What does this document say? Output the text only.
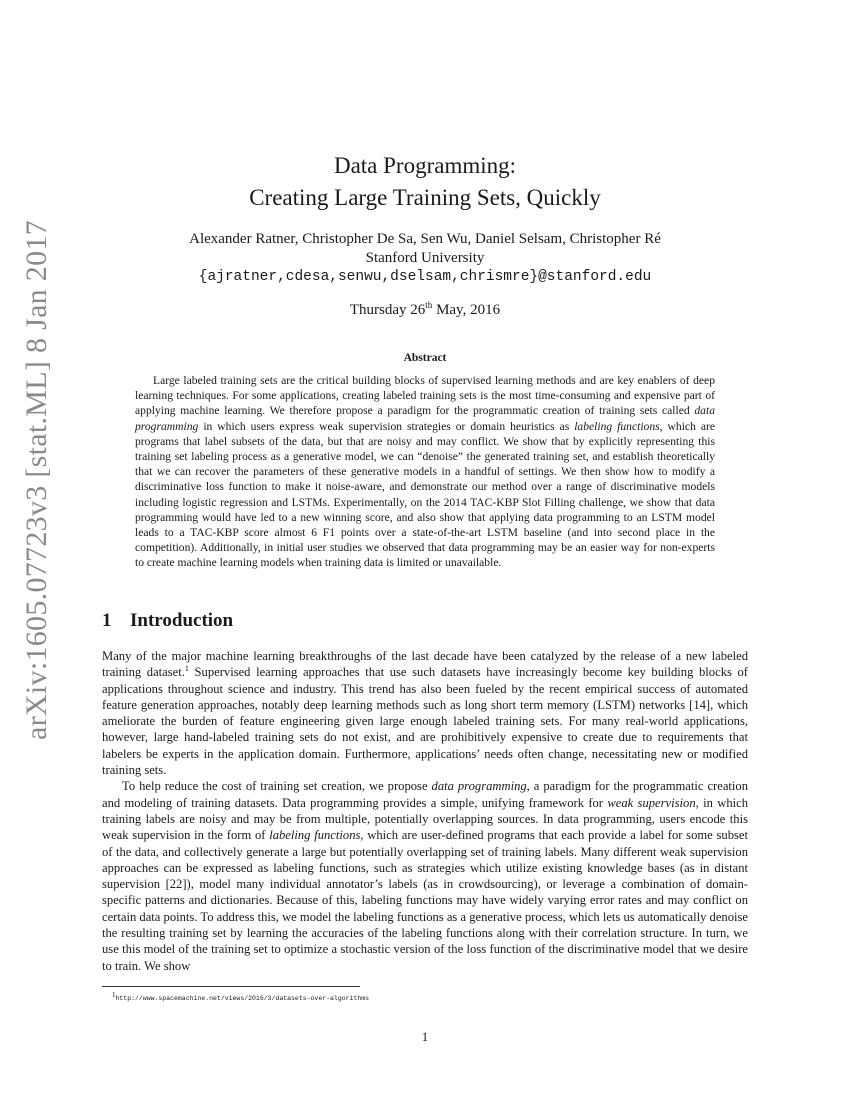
arXiv:1605.07723v3 [stat.ML] 8 Jan 2017
Data Programming:
Creating Large Training Sets, Quickly
Alexander Ratner, Christopher De Sa, Sen Wu, Daniel Selsam, Christopher Ré
Stanford University
{ajratner,cdesa,senwu,dselsam,chrismre}@stanford.edu
Thursday 26th May, 2016
Abstract

Large labeled training sets are the critical building blocks of supervised learning methods and are key enablers of deep learning techniques. For some applications, creating labeled training sets is the most time-consuming and expensive part of applying machine learning. We therefore propose a paradigm for the programmatic creation of training sets called data programming in which users express weak supervision strategies or domain heuristics as labeling functions, which are programs that label subsets of the data, but that are noisy and may conflict. We show that by explicitly representing this training set labeling process as a generative model, we can “denoise” the generated training set, and establish theoretically that we can recover the parameters of these generative models in a handful of settings. We then show how to modify a discriminative loss function to make it noise-aware, and demonstrate our method over a range of discriminative models including logistic regression and LSTMs. Experimentally, on the 2014 TAC-KBP Slot Filling challenge, we show that data programming would have led to a new winning score, and also show that applying data programming to an LSTM model leads to a TAC-KBP score almost 6 F1 points over a state-of-the-art LSTM baseline (and into second place in the competition). Additionally, in initial user studies we observed that data programming may be an easier way for non-experts to create machine learning models when training data is limited or unavailable.

1 Introduction

Many of the major machine learning breakthroughs of the last decade have been catalyzed by the release of a new labeled training dataset.$^1$ Supervised learning approaches that use such datasets have increasingly become key building blocks of applications throughout science and industry. This trend has also been fueled by the recent empirical success of automated feature generation approaches, notably deep learning methods such as long short term memory (LSTM) networks [14], which ameliorate the burden of feature engineering given large enough labeled training sets. For many real-world applications, however, large hand-labeled training sets do not exist, and are prohibitively expensive to create due to requirements that labelers be experts in the application domain. Furthermore, applications’ needs often change, necessitating new or modified training sets.

To help reduce the cost of training set creation, we propose data programming, a paradigm for the programmatic creation and modeling of training datasets. Data programming provides a simple, unifying framework for weak supervision, in which training labels are noisy and may be from multiple, potentially overlapping sources. In data programming, users encode this weak supervision in the form of labeling functions, which are user-defined programs that each provide a label for some subset of the data, and collectively generate a large but potentially overlapping set of training labels. Many different weak supervision approaches can be expressed as labeling functions, such as strategies which utilize existing knowledge bases (as in distant supervision [22]), model many individual annotator’s labels (as in crowdsourcing), or leverage a combination of domain-specific patterns and dictionaries. Because of this, labeling functions may have widely varying error rates and may conflict on certain data points. To address this, we model the labeling functions as a generative process, which lets us automatically denoise the resulting training set by learning the accuracies of the labeling functions along with their correlation structure. In turn, we use this model of the training set to optimize a stochastic version of the loss function of the discriminative model that we desire to train. We show

$^1$http://www.spacemachine.net/views/2016/3/datasets-over-algorithms
1
